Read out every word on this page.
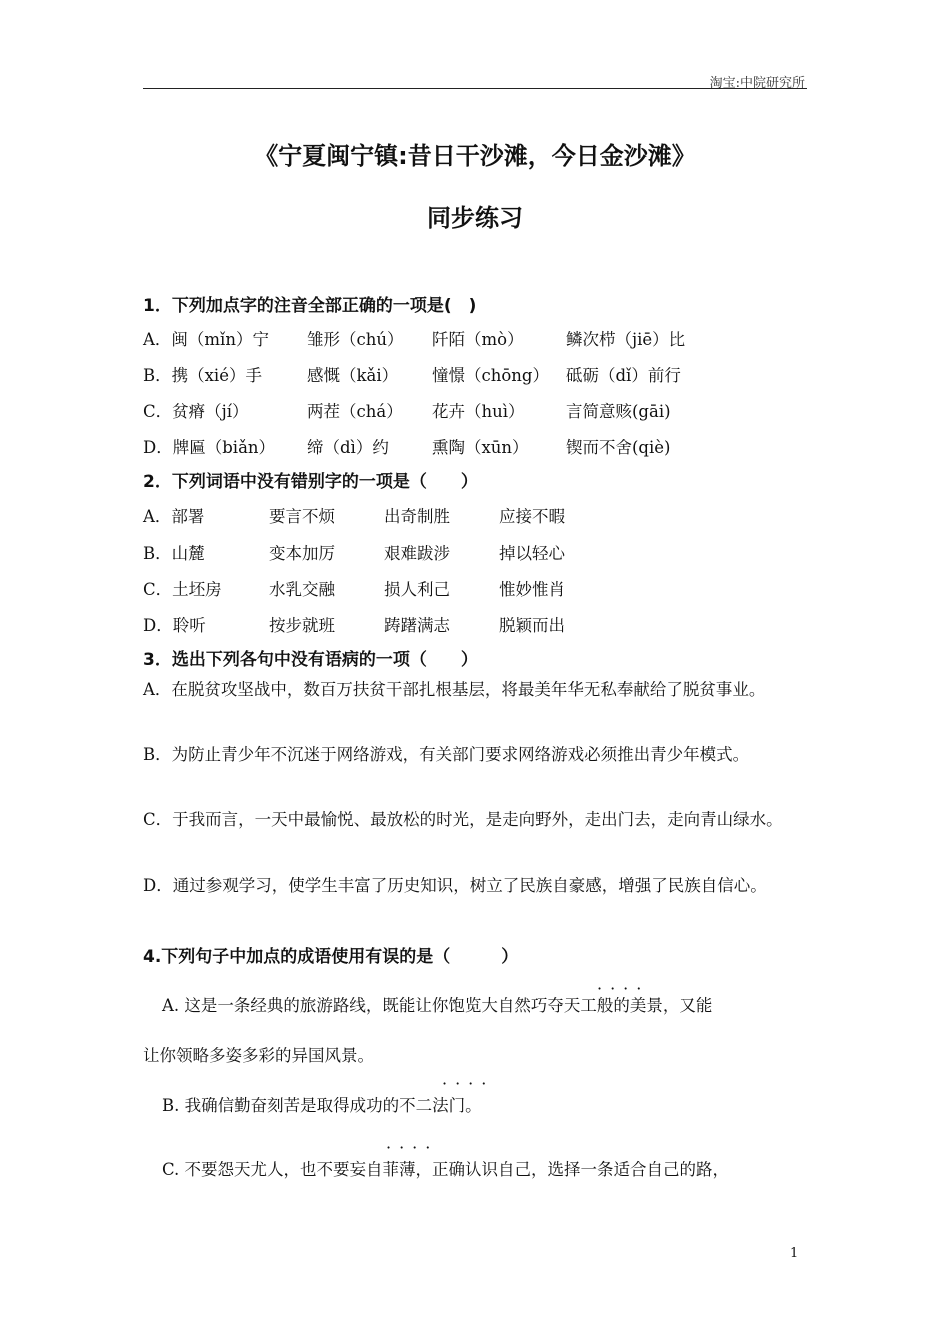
淘宝:中院研究所
《宁夏闽宁镇:昔日干沙滩，今日金沙滩》
同步练习
1．下列加点字的注音全部正确的一项是(　)
A．闽（mǐn）宁 雏形（chú） 阡陌（mò）	鳞次栉（jiē）比
B．携（xié）手	感慨（kǎi） 憧憬（chōng） 砥砺（dǐ）前行
C．贫瘠（jí）	两茬（chá） 花卉（huì）	言简意赅(gāi)
D．牌匾（biǎn） 缔（dì）约	熏陶（xūn） 锲而不舍(qiè)
2．下列词语中没有错别字的一项是（　　）
A．部署	要言不烦	出奇制胜	应接不暇
B．山麓	变本加厉	艰难跋涉	掉以轻心
C．土坯房	水乳交融	损人利己	惟妙惟肖
D．聆听	按步就班	踌躇满志	脱颖而出
3．选出下列各句中没有语病的一项（　　）
A．在脱贫攻坚战中，数百万扶贫干部扎根基层，将最美年华无私奉献给了脱贫事业。
B．为防止青少年不沉迷于网络游戏，有关部门要求网络游戏必须推出青少年模式。
C．于我而言，一天中最愉悦、最放松的时光，是走向野外，走出门去，走向青山绿水。
D．通过参观学习，使学生丰富了历史知识，树立了民族自豪感，增强了民族自信心。
4.下列句子中加点的成语使用有误的是（　　　）
····
A. 这是一条经典的旅游路线，既能让你饱览大自然巧夺天工般的美景，又能
让你领略多姿多彩的异国风景。
····
B. 我确信勤奋刻苦是取得成功的不二法门。
····
C. 不要怨天尤人，也不要妄自菲薄，正确认识自己，选择一条适合自己的路，
1
